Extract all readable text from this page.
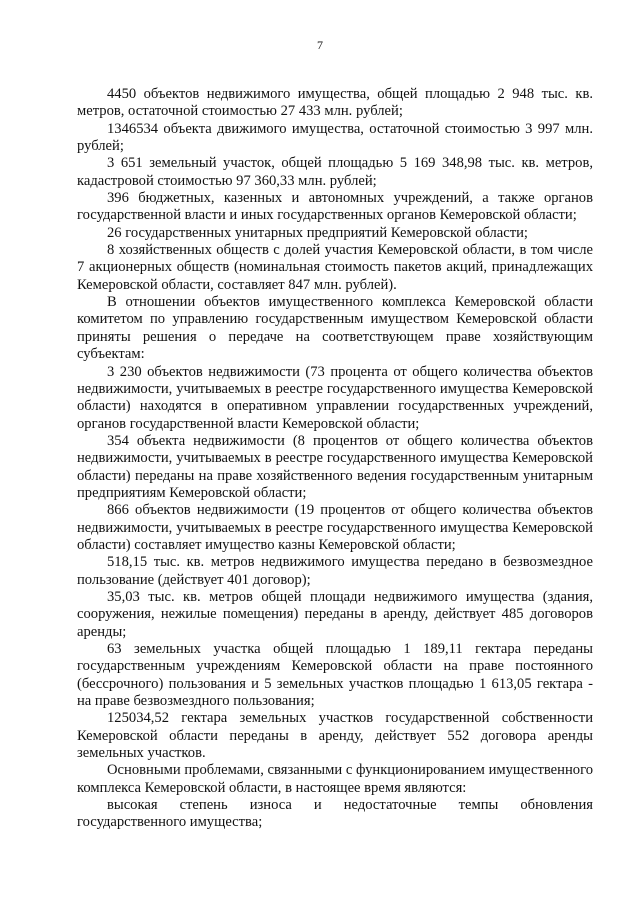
7

4450 объектов недвижимого имущества, общей площадью 2 948 тыс. кв. метров, остаточной стоимостью 27 433 млн. рублей;

1346534 объекта движимого имущества, остаточной стоимостью 3 997 млн. рублей;

3 651 земельный участок, общей площадью 5 169 348,98 тыс. кв. метров, кадастровой стоимостью 97 360,33 млн. рублей;

396 бюджетных, казенных и автономных учреждений, а также органов государственной власти и иных государственных органов Кемеровской области;

26 государственных унитарных предприятий Кемеровской области;

8 хозяйственных обществ с долей участия Кемеровской области, в том числе 7 акционерных обществ (номинальная стоимость пакетов акций, принадлежащих Кемеровской области, составляет 847 млн. рублей).

В отношении объектов имущественного комплекса Кемеровской области комитетом по управлению государственным имуществом Кемеровской области приняты решения о передаче на соответствующем праве хозяйствующим субъектам:

3 230 объектов недвижимости (73 процента от общего количества объектов недвижимости, учитываемых в реестре государственного имущества Кемеровской области) находятся в оперативном управлении государственных учреждений, органов государственной власти Кемеровской области;

354 объекта недвижимости (8 процентов от общего количества объектов недвижимости, учитываемых в реестре государственного имущества Кемеровской области) переданы на праве хозяйственного ведения государственным унитарным предприятиям Кемеровской области;

866 объектов недвижимости (19 процентов от общего количества объектов недвижимости, учитываемых в реестре государственного имущества Кемеровской области) составляет имущество казны Кемеровской области;

518,15 тыс. кв. метров недвижимого имущества передано в безвозмездное пользование (действует 401 договор);

35,03 тыс. кв. метров общей площади недвижимого имущества (здания, сооружения, нежилые помещения) переданы в аренду, действует 485 договоров аренды;

63 земельных участка общей площадью 1 189,11 гектара переданы государственным учреждениям Кемеровской области на праве постоянного (бессрочного) пользования и 5 земельных участков площадью 1 613,05 гектара - на праве безвозмездного пользования;

125034,52 гектара земельных участков государственной собственности Кемеровской области переданы в аренду, действует 552 договора аренды земельных участков.

Основными проблемами, связанными с функционированием имущественного комплекса Кемеровской области, в настоящее время являются:

высокая степень износа и недостаточные темпы обновления государственного имущества;
